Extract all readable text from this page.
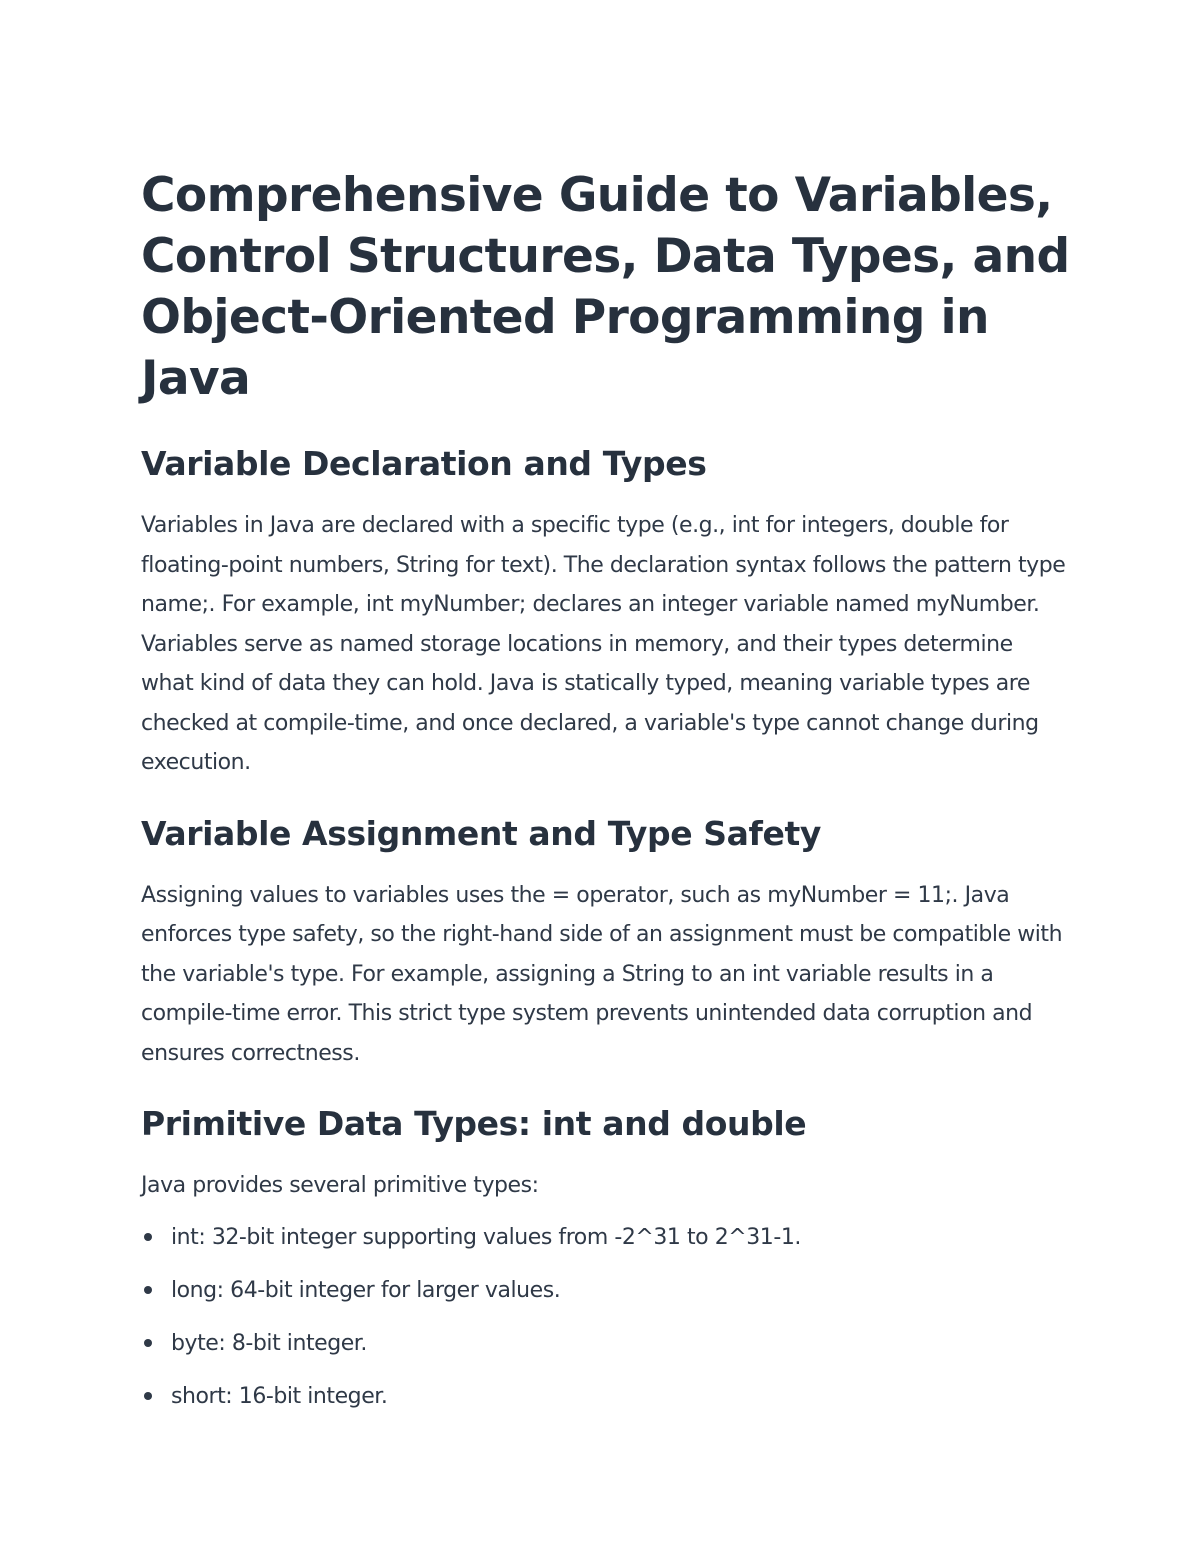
Comprehensive Guide to Variables, Control Structures, Data Types, and Object-Oriented Programming in Java
Variable Declaration and Types

Variables in Java are declared with a specific type (e.g., int for integers, double for floating-point numbers, String for text). The declaration syntax follows the pattern type name;. For example, int myNumber; declares an integer variable named myNumber. Variables serve as named storage locations in memory, and their types determine what kind of data they can hold. Java is statically typed, meaning variable types are checked at compile-time, and once declared, a variable's type cannot change during execution.

Variable Assignment and Type Safety

Assigning values to variables uses the = operator, such as myNumber = 11;. Java enforces type safety, so the right-hand side of an assignment must be compatible with the variable's type. For example, assigning a String to an int variable results in a compile-time error. This strict type system prevents unintended data corruption and ensures correctness.

Primitive Data Types: int and double

Java provides several primitive types:

int: 32-bit integer supporting values from -2^31 to 2^31-1.
long: 64-bit integer for larger values.
byte: 8-bit integer.
short: 16-bit integer.
